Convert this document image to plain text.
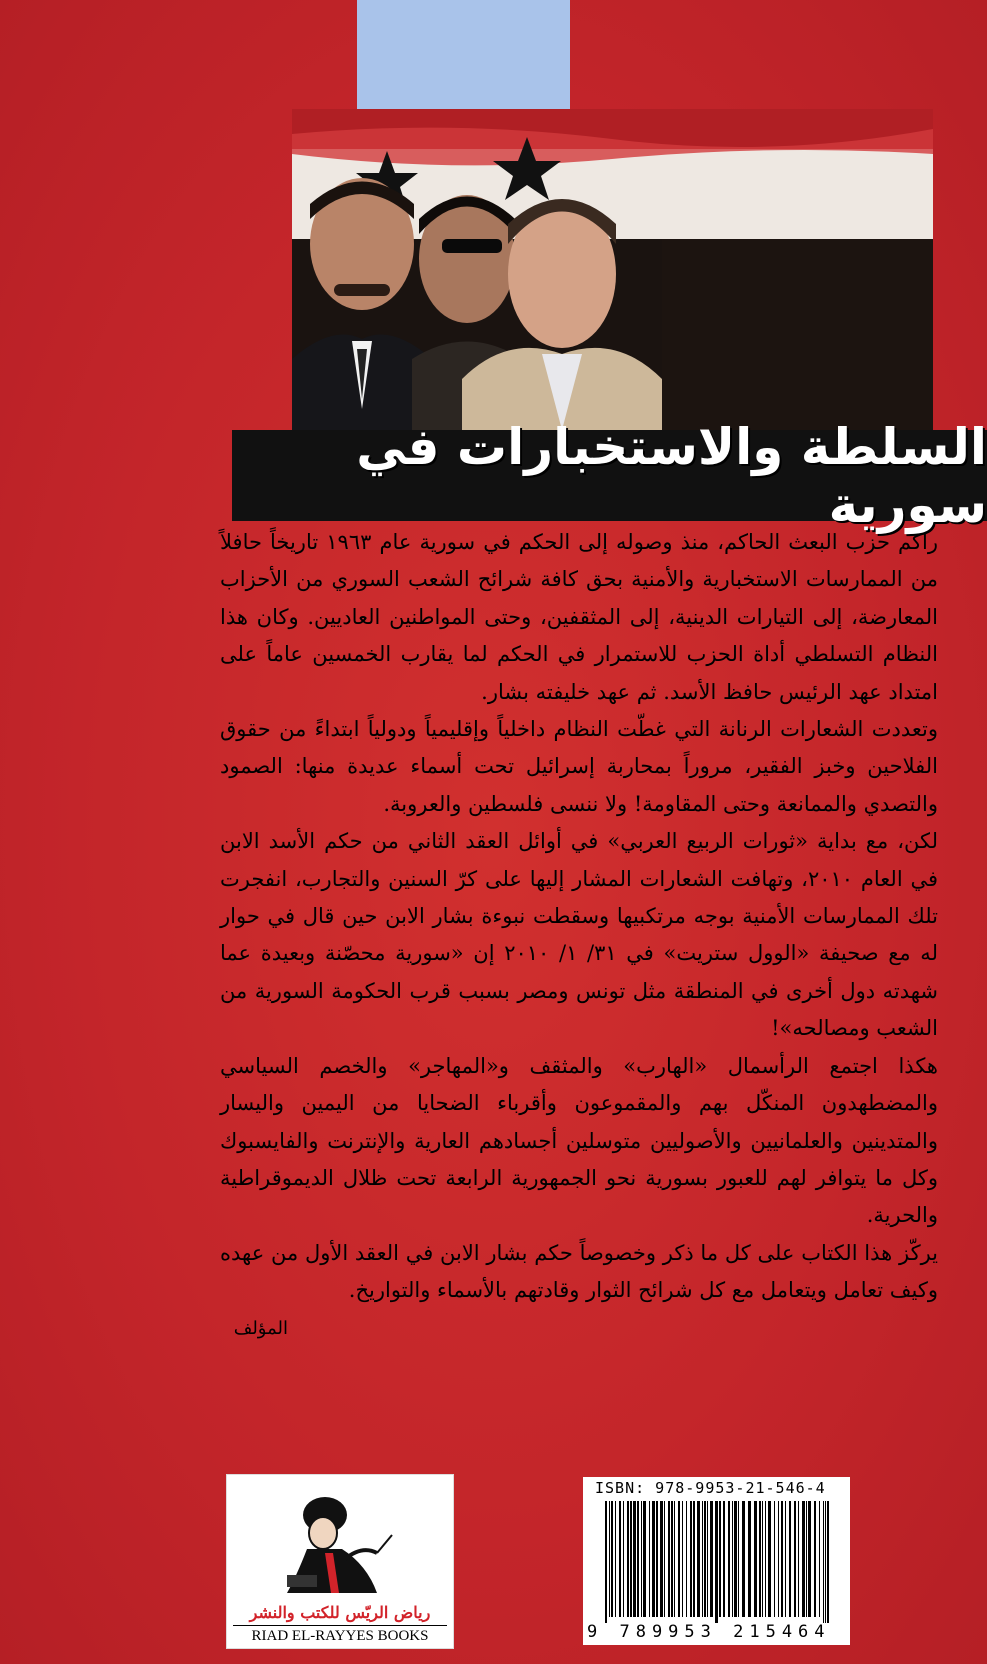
السلطة والاستخبارات في سورية

راكم حزب البعث الحاكم، منذ وصوله إلى الحكم في سورية عام ١٩٦٣ تاريخاً حافلاً من الممارسات الاستخبارية والأمنية بحق كافة شرائح الشعب السوري من الأحزاب المعارضة، إلى التيارات الدينية، إلى المثقفين، وحتى المواطنين العاديين. وكان هذا النظام التسلطي أداة الحزب للاستمرار في الحكم لما يقارب الخمسين عاماً على امتداد عهد الرئيس حافظ الأسد. ثم عهد خليفته بشار.

وتعددت الشعارات الرنانة التي غطّت النظام داخلياً وإقليمياً ودولياً ابتداءً من حقوق الفلاحين وخبز الفقير، مروراً بمحاربة إسرائيل تحت أسماء عديدة منها: الصمود والتصدي والممانعة وحتى المقاومة! ولا ننسى فلسطين والعروبة.

لكن، مع بداية «ثورات الربيع العربي» في أوائل العقد الثاني من حكم الأسد الابن في العام ٢٠١٠، وتهافت الشعارات المشار إليها على كرّ السنين والتجارب، انفجرت تلك الممارسات الأمنية بوجه مرتكبيها وسقطت نبوءة بشار الابن حين قال في حوار له مع صحيفة «الوول ستريت» في ٣١/ ١/ ٢٠١٠ إن «سورية محصّنة وبعيدة عما شهدته دول أخرى في المنطقة مثل تونس ومصر بسبب قرب الحكومة السورية من الشعب ومصالحه»!

هكذا اجتمع الرأسمال «الهارب» والمثقف و«المهاجر» والخصم السياسي والمضطهدون المنكّل بهم والمقموعون وأقرباء الضحايا من اليمين واليسار والمتدينين والعلمانيين والأصوليين متوسلين أجسادهم العارية والإنترنت والفايسبوك وكل ما يتوافر لهم للعبور بسورية نحو الجمهورية الرابعة تحت ظلال الديموقراطية والحرية.

يركّز هذا الكتاب على كل ما ذكر وخصوصاً حكم بشار الابن في العقد الأول من عهده وكيف تعامل ويتعامل مع كل شرائح الثوار وقادتهم بالأسماء والتواريخ.

المؤلف

رياض الريّس للكتب والنشر
RIAD EL-RAYYES BOOKS
ISBN: 978-9953-21-546-4
9 789953 215464
